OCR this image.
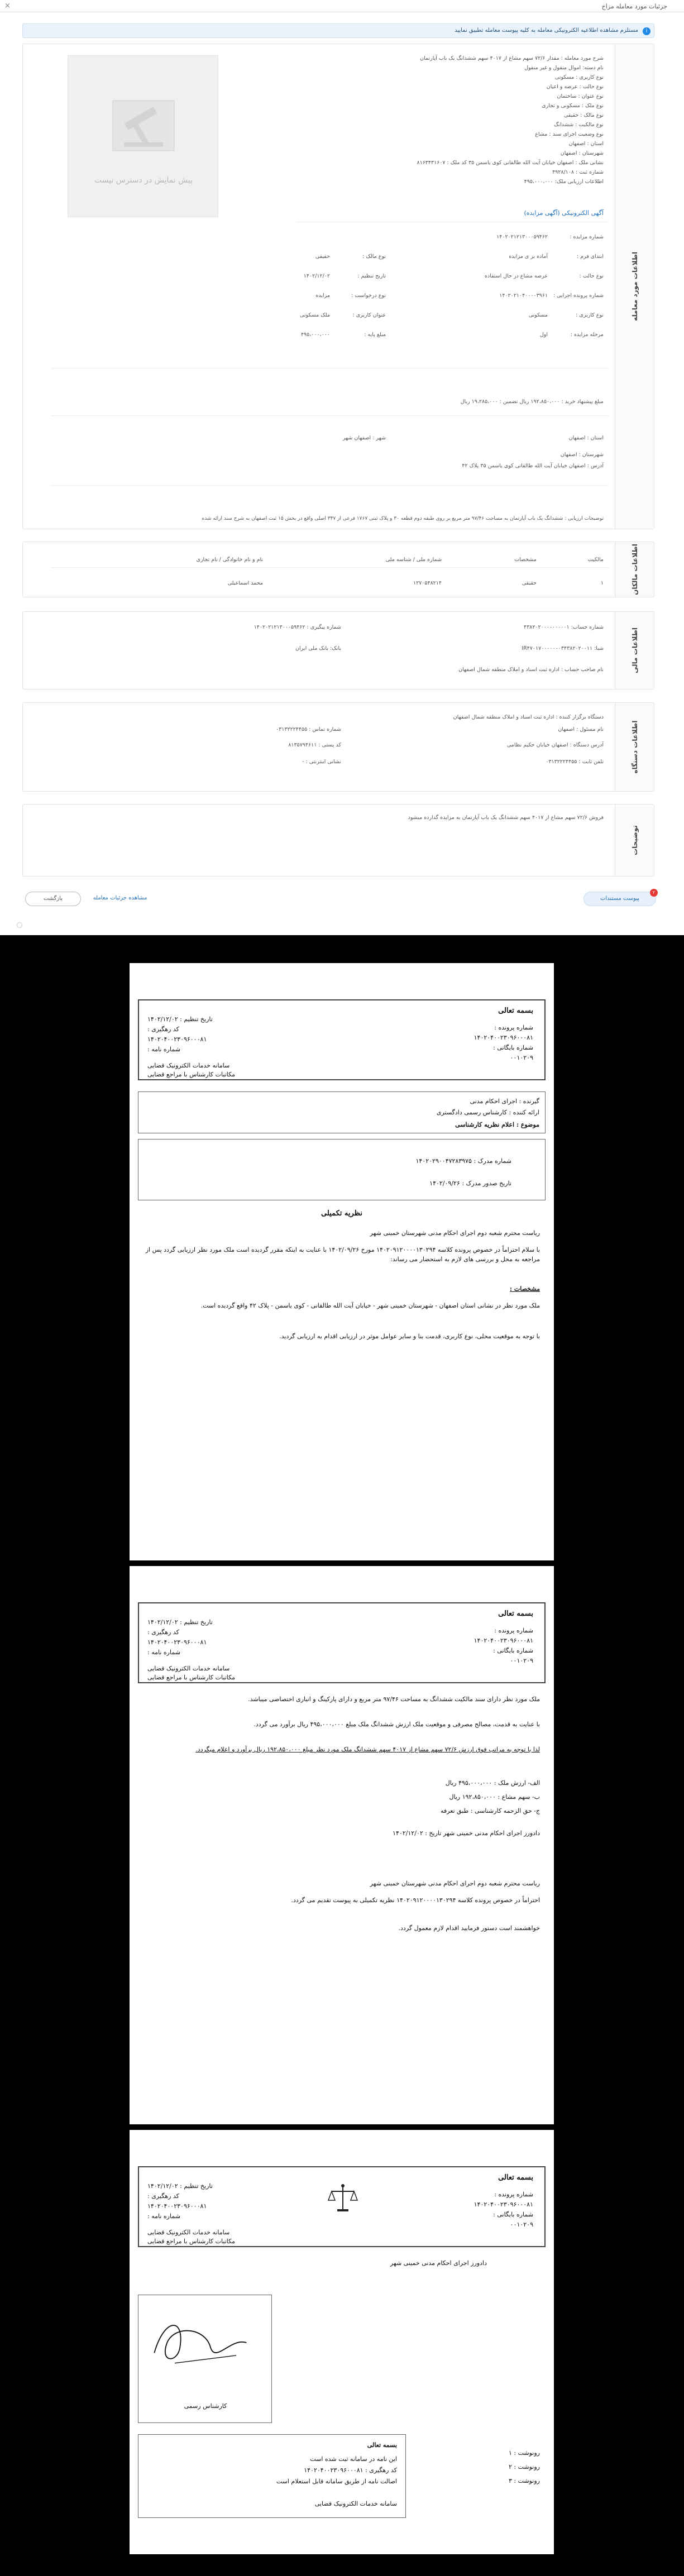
جزئیات مورد معامله مزاج
×
i
مستلزم مشاهده اطلاعیه الکترونیکی معامله به کلیه پیوست معامله تطبیق نمایید
اطلاعات مورد معامله
پیش نمایش در دسترس نیست
شرح مورد معامله : مقدار ۷۲/۶ سهم مشاع از ۴۰۱۷ سهم ششدانگ یک باب آپارتمان
نام دسته: اموال منقول و غیر منقول
نوع کاربری : مسکونی
نوع حالت : عرصه و اعیان
نوع عنوان : ساختمان
نوع ملک : مسکونی و تجاری
نوع مالک : حقیقی
نوع مالکیت : ششدانگ
نوع وضعیت اجرای سند : مشاع
استان : اصفهان
شهرستان : اصفهان
نشانی ملک : اصفهان خیابان آیت الله طالقانی کوی یاسمن ۳۵ کد ملک : ۸۱۶۳۴۳۱۶۰۷
شماره ثبت : ۴۹۲۸/۱۰۸
اطلاعات ارزیابی ملک: ۴۹۵،۰۰۰،۰۰۰
آگهی الکترونیکی (آگهی مزایده)
شماره مزایده :
۱۴۰۲۰۲۱۲۱۳۰۰۰۵۹۴۶۲
ابتدای فرم :
آماده بر ی مزایده
نوع مالک :
حقیقی
نوع حالت :
عرصه مشاع در حال استفاده
تاریخ تنظیم :
۱۴۰۲/۱۲/۰۲
شماره پرونده اجرایی :
۱۴۰۲۰۲۱۰۴۰۰۰۰۳۹۶۱
نوع درخواست :
مزایده
نوع کاربری :
مسکونی
عنوان کاربری :
ملک مسکونی
مرحله مزایده :
اول
مبلغ پایه :
۴۹۵،۰۰۰،۰۰۰
مبلغ پیشنهاد خرید : ۱۹۲،۸۵۰،۰۰۰ ریال تضمین : ۱۹،۲۸۵،۰۰۰ ریال
استان : اصفهان
شهر : اصفهان شهر
شهرستان : اصفهان
آدرس : اصفهان خیابان آیت الله طالقانی کوی یاسمن ۳۵ پلاک ۴۲
توضیحات ارزیابی : ششدانگ یک باب آپارتمان به مساحت ۹۷/۴۶ متر مربع بر روی طبقه دوم قطعه ۳۰ و پلاک ثبتی ۱۷۶۷ فرعی از ۳۴۷ اصلی واقع در بخش ۱۵ ثبت اصفهان به شرح سند ارائه شده
اطلاعات مالکان
مالکیت
مشخصات
شماره ملی / شناسه ملی
نام و نام خانوادگی / نام تجاری
۱
حقیقی
۱۲۷۰۵۴۸۲۱۴
محمد اسماعیلی
اطلاعات مالی
شماره حساب: ۴۳۸۲۰۲۰۰۰۰۰۰۰۰۰۱
شماره پیگیری : ۱۴۰۲۰۲۱۲۱۳۰۰۰۵۹۴۶۲
شبا: IR۴۷۰۱۷۰۰۰۰۰۰۰۳۴۳۸۲۰۲۰۰۱۱
بانک: بانک ملی ایران
نام صاحب حساب : اداره ثبت اسناد و املاک منطقه شمال اصفهان
اطلاعات دستگاه
دستگاه برگزار کننده : اداره ثبت اسناد و املاک منطقه شمال اصفهان
نام مسئول : اصفهان
شماره تماس : ۰۳۱۳۲۲۲۴۴۵۵
آدرس دستگاه : اصفهان خیابان حکیم نظامی
کد پستی : ۸۱۳۵۷۹۴۶۱۱
تلفن ثابت : ۰۳۱۳۲۲۲۴۴۵۵
نشانی اینترنتی : -
توضیحات
فروش ۷۲/۶ سهم مشاع از ۴۰۱۷ سهم ششدانگ یک باب آپارتمان به مزایده گذارده میشود
پیوست مستندات
۲
مشاهده جزئیات معامله
بازگشت
بسمه تعالی
شماره پرونده :
۱۴۰۲۰۴۰۰۲۳۰۹۶۰۰۰۸۱
شماره بایگانی :
۰۰۱۰۲۰۹
تاریخ تنظیم : ۱۴۰۲/۱۲/۰۲
کد رهگیری :
۱۴۰۲۰۴۰۰۲۳۰۹۶۰۰۰۸۱
شماره نامه :
سامانه خدمات الکترونیک قضایی
مکاتبات کارشناس با مراجع قضایی
گیرنده : اجرای احکام مدنی
ارائه کننده : کارشناس رسمی دادگستری
موضوع : اعلام نظریه کارشناسی
شماره مدرک : ۱۴۰۲۰۲۹۰۰۴۷۲۸۳۹۷۵
تاریخ صدور مدرک : ۱۴۰۲/۰۹/۲۶
نظریه تکمیلی
ریاست محترم شعبه دوم اجرای احکام مدنی شهرستان خمینی شهر
با سلام احتراماً در خصوص پرونده کلاسه ۱۴۰۲۰۹۱۲۰۰۰۰۱۳۰۲۹۴ مورخ ۱۴۰۲/۰۹/۲۶ با عنایت به اینکه مقرر گردیده است ملک مورد نظر ارزیابی گردد پس از مراجعه به محل و بررسی های لازم به استحضار می رساند:
مشخصات :
ملک مورد نظر در نشانی استان اصفهان - شهرستان خمینی شهر - خیابان آیت الله طالقانی - کوی یاسمن - پلاک ۴۲ واقع گردیده است.
با توجه به موقعیت محلی، نوع کاربری، قدمت بنا و سایر عوامل موثر در ارزیابی اقدام به ارزیابی گردید.
بسمه تعالی
شماره پرونده :
۱۴۰۲۰۴۰۰۲۳۰۹۶۰۰۰۸۱
شماره بایگانی :
۰۰۱۰۲۰۹
تاریخ تنظیم : ۱۴۰۲/۱۲/۰۲
کد رهگیری :
۱۴۰۲۰۴۰۰۲۳۰۹۶۰۰۰۸۱
شماره نامه :
سامانه خدمات الکترونیک قضایی
مکاتبات کارشناس با مراجع قضایی
ملک مورد نظر دارای سند مالکیت ششدانگ به مساحت ۹۷/۴۶ متر مربع و دارای پارکینگ و انباری اختصاصی میباشد.
با عنایت به قدمت، مصالح مصرفی و موقعیت ملک ارزش ششدانگ ملک مبلغ ۴۹۵،۰۰۰،۰۰۰ ریال برآورد می گردد.
لذا با توجه به مراتب فوق ارزش ۷۲/۶ سهم مشاع از ۴۰۱۷ سهم ششدانگ ملک مورد نظر مبلغ ۱۹۲،۸۵۰،۰۰۰ ریال برآورد و اعلام میگردد.
الف- ارزش ملک : ۴۹۵،۰۰۰،۰۰۰ ریال
ب- سهم مشاع : ۱۹۲،۸۵۰،۰۰۰ ریال
ج- حق الزحمه کارشناسی : طبق تعرفه
دادورز اجرای احکام مدنی خمینی شهر تاریخ : ۱۴۰۲/۱۲/۰۲
ریاست محترم شعبه دوم اجرای احکام مدنی شهرستان خمینی شهر
احتراماً در خصوص پرونده کلاسه ۱۴۰۲۰۹۱۲۰۰۰۰۱۳۰۲۹۴ نظریه تکمیلی به پیوست تقدیم می گردد.
خواهشمند است دستور فرمایید اقدام لازم معمول گردد.
بسمه تعالی
شماره پرونده :
۱۴۰۲۰۴۰۰۲۳۰۹۶۰۰۰۸۱
شماره بایگانی :
۰۰۱۰۲۰۹
تاریخ تنظیم : ۱۴۰۲/۱۲/۰۲
کد رهگیری :
۱۴۰۲۰۴۰۰۲۳۰۹۶۰۰۰۸۱
شماره نامه :
سامانه خدمات الکترونیک قضایی
مکاتبات کارشناس با مراجع قضایی
دادورز اجرای احکام مدنی خمینی شهر
کارشناس رسمی
بسمه تعالی
این نامه در سامانه ثبت شده است
کد رهگیری : ۱۴۰۲۰۴۰۰۲۳۰۹۶۰۰۰۸۱
اصالت نامه از طریق سامانه قابل استعلام است
سامانه خدمات الکترونیک قضایی
رونوشت : ۱
رونوشت : ۲
رونوشت : ۳
